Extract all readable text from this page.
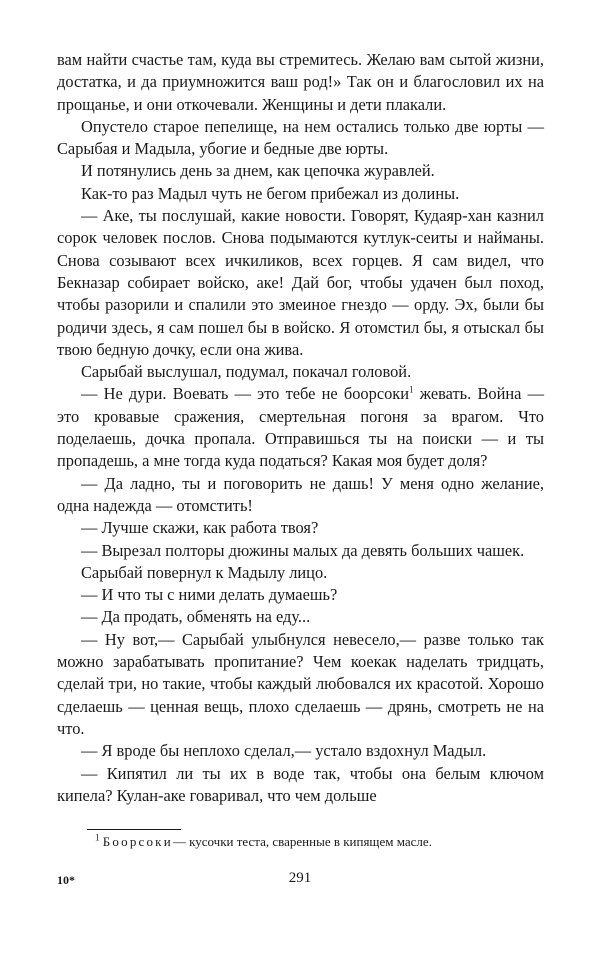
вам найти счастье там, куда вы стремитесь. Желаю вам сытой жизни, достатка, и да приумножится ваш род!» Так он и благословил их на прощанье, и они откочевали. Женщины и дети плакали.

Опустело старое пепелище, на нем остались только две юрты — Сарыбая и Мадыла, убогие и бедные две юрты.

И потянулись день за днем, как цепочка журавлей.

Как-то раз Мадыл чуть не бегом прибежал из долины.

— Аке, ты послушай, какие новости. Говорят, Кудаяр-хан казнил сорок человек послов. Снова подымаются кутлук-сеиты и найманы. Снова созывают всех ичкиликов, всех горцев. Я сам видел, что Бекназар собирает войско, аке! Дай бог, чтобы удачен был поход, чтобы разорили и спалили это змеиное гнездо — орду. Эх, были бы родичи здесь, я сам пошел бы в войско. Я отомстил бы, я отыскал бы твою бедную дочку, если она жива.

Сарыбай выслушал, подумал, покачал головой.

— Не дури. Воевать — это тебе не боорсоки$^1$ жевать. Война — это кровавые сражения, смертельная погоня за врагом. Что поделаешь, дочка пропала. Отправишься ты на поиски — и ты пропадешь, а мне тогда куда податься? Какая моя будет доля?

— Да ладно, ты и поговорить не дашь! У меня одно желание, одна надежда — отомстить!

— Лучше скажи, как работа твоя?

— Вырезал полторы дюжины малых да девять больших чашек.

Сарыбай повернул к Мадылу лицо.

— И что ты с ними делать думаешь?

— Да продать, обменять на еду...

— Ну вот,— Сарыбай улыбнулся невесело,— разве только так можно зарабатывать пропитание? Чем коекак наделать тридцать, сделай три, но такие, чтобы каждый любовался их красотой. Хорошо сделаешь — ценная вещь, плохо сделаешь — дрянь, смотреть не на что.

— Я вроде бы неплохо сделал,— устало вздохнул Мадыл.

— Кипятил ли ты их в воде так, чтобы она белым ключом кипела? Кулан-аке говаривал, что чем дольше

$^1$ Боорсоки— кусочки теста, сваренные в кипящем масле.

10*	291
